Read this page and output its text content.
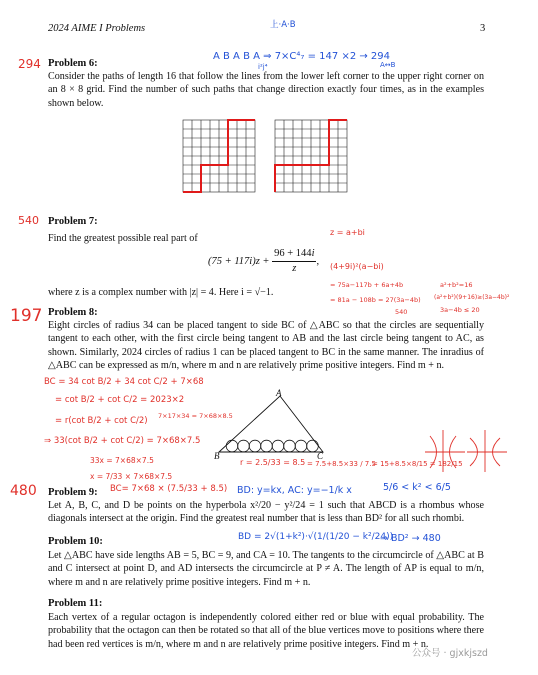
2024 AIME I Problems	3
上·A·B
294 Problem 6:
A B A B A ⇒ 7×C⁴₇ = 147 ×2 → 294
i²j⁴	A↔B
Consider the paths of length 16 that follow the lines from the lower left corner to the upper right corner on an 8 × 8 grid. Find the number of such paths that change direction exactly four times, as in the examples shown below.
540 Problem 7:
z = a+bi
Find the greatest possible real part of
$(75 + 117i)z + \frac{96 + 144i}{z}$ , (4+9i)²(a−bi)
where z is a complex number with |z| = 4. Here i = √−1.
= 75a−117b + 6a+4b
= 81a − 108b = 27(3a−4b)
a²+b²=16
(a²+b²)(9+16)≥(3a−4b)²
3a−4b ≤ 20
540
197 Problem 8:
Eight circles of radius 34 can be placed tangent to side BC of △ABC so that the circles are sequentially tangent to each other, with the first circle being tangent to AB and the last circle being tangent to AC, as shown. Similarly, 2024 circles of radius 1 can be placed tangent to BC in the same manner. The inradius of △ABC can be expressed as m/n, where m and n are relatively prime positive integers. Find m + n.
BC = 34 cot B/2 + 34 cot C/2 + 7×68
= cot B/2 + cot C/2 = 2023×2
= r(cot B/2 + cot C/2)
⇒ 33(cot B/2 + cot C/2) = 7×68×7.5
33x = 7×68×7.5
x = 7/33 × 7×68×7.5
7×17×34 = 7×68×8.5
r = 2.5/33 = 8.5 = 7.5+8.5×33 / 7.5
= 15+8.5×8/15 = 182/15
A
B	C
480 Problem 9: BC= 7×68 × (7.5/33 + 8.5) BD: y=kx, AC: y=−1/k x	5/6 < k² < 6/5
Let A, B, C, and D be points on the hyperbola x²/20 − y²/24 = 1 such that ABCD is a rhombus whose diagonals intersect at the origin. Find the greatest real number that is less than BD² for all such rhombi.
Problem 10:	BD = 2√(1+k²)·√(1/(1/20 − k²/24))
⇒ BD² → 480
Let △ABC have side lengths AB = 5, BC = 9, and CA = 10. The tangents to the circumcircle of △ABC at B and C intersect at point D, and AD intersects the circumcircle at P ≠ A. The length of AP is equal to m/n, where m and n are relatively prime positive integers. Find m + n.
Problem 11:
Each vertex of a regular octagon is independently colored either red or blue with equal probability. The probability that the octagon can then be rotated so that all of the blue vertices move to positions where there had been red vertices is m/n, where m and n are relatively prime positive integers. Find m + n.
公众号 · gjxkjszd
